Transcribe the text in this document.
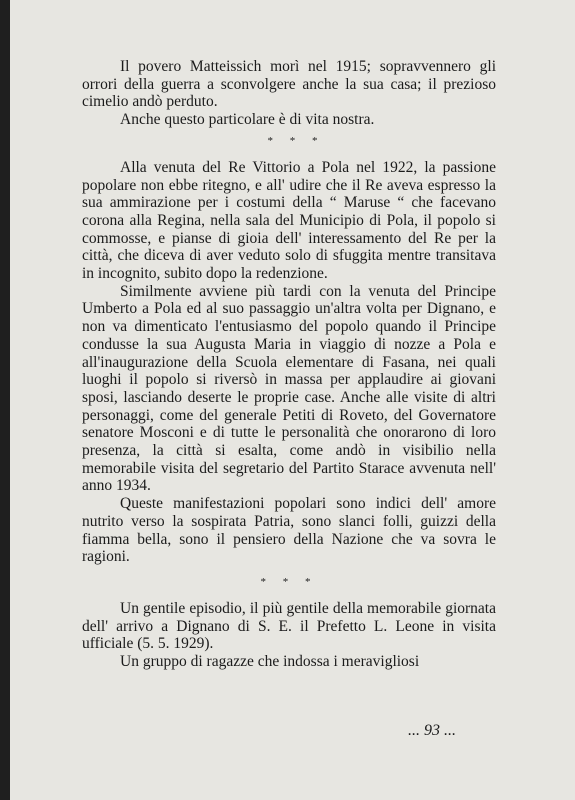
Il povero Matteissich morì nel 1915; sopravvennero gli orrori della guerra a sconvolgere anche la sua casa; il prezioso cimelio andò perduto.

Anche questo particolare è di vita nostra.

* * *

Alla venuta del Re Vittorio a Pola nel 1922, la passione popolare non ebbe ritegno, e all' udire che il Re aveva espresso la sua ammirazione per i costumi della “ Maruse “ che facevano corona alla Regina, nella sala del Municipio di Pola, il popolo si commosse, e pianse di gioia dell' interessamento del Re per la città, che diceva di aver veduto solo di sfuggita mentre transitava in incognito, subito dopo la redenzione.

Similmente avviene più tardi con la venuta del Principe Umberto a Pola ed al suo passaggio un'altra volta per Dignano, e non va dimenticato l'entusiasmo del popolo quando il Principe condusse la sua Augusta Maria in viaggio di nozze a Pola e all'inaugurazione della Scuola elementare di Fasana, nei quali luoghi il popolo si riversò in massa per applaudire ai giovani sposi, lasciando deserte le proprie case. Anche alle visite di altri personaggi, come del generale Petiti di Roveto, del Governatore senatore Mosconi e di tutte le personalità che onorarono di loro presenza, la città si esalta, come andò in visibilio nella memorabile visita del segretario del Partito Starace avvenuta nell' anno 1934.

Queste manifestazioni popolari sono indici dell' amore nutrito verso la sospirata Patria, sono slanci folli, guizzi della fiamma bella, sono il pensiero della Nazione che va sovra le ragioni.

* * *

Un gentile episodio, il più gentile della memorabile giornata dell' arrivo a Dignano di S. E. il Prefetto L. Leone in visita ufficiale (5. 5. 1929).

Un gruppo di ragazze che indossa i meravigliosi

... 93 ...
